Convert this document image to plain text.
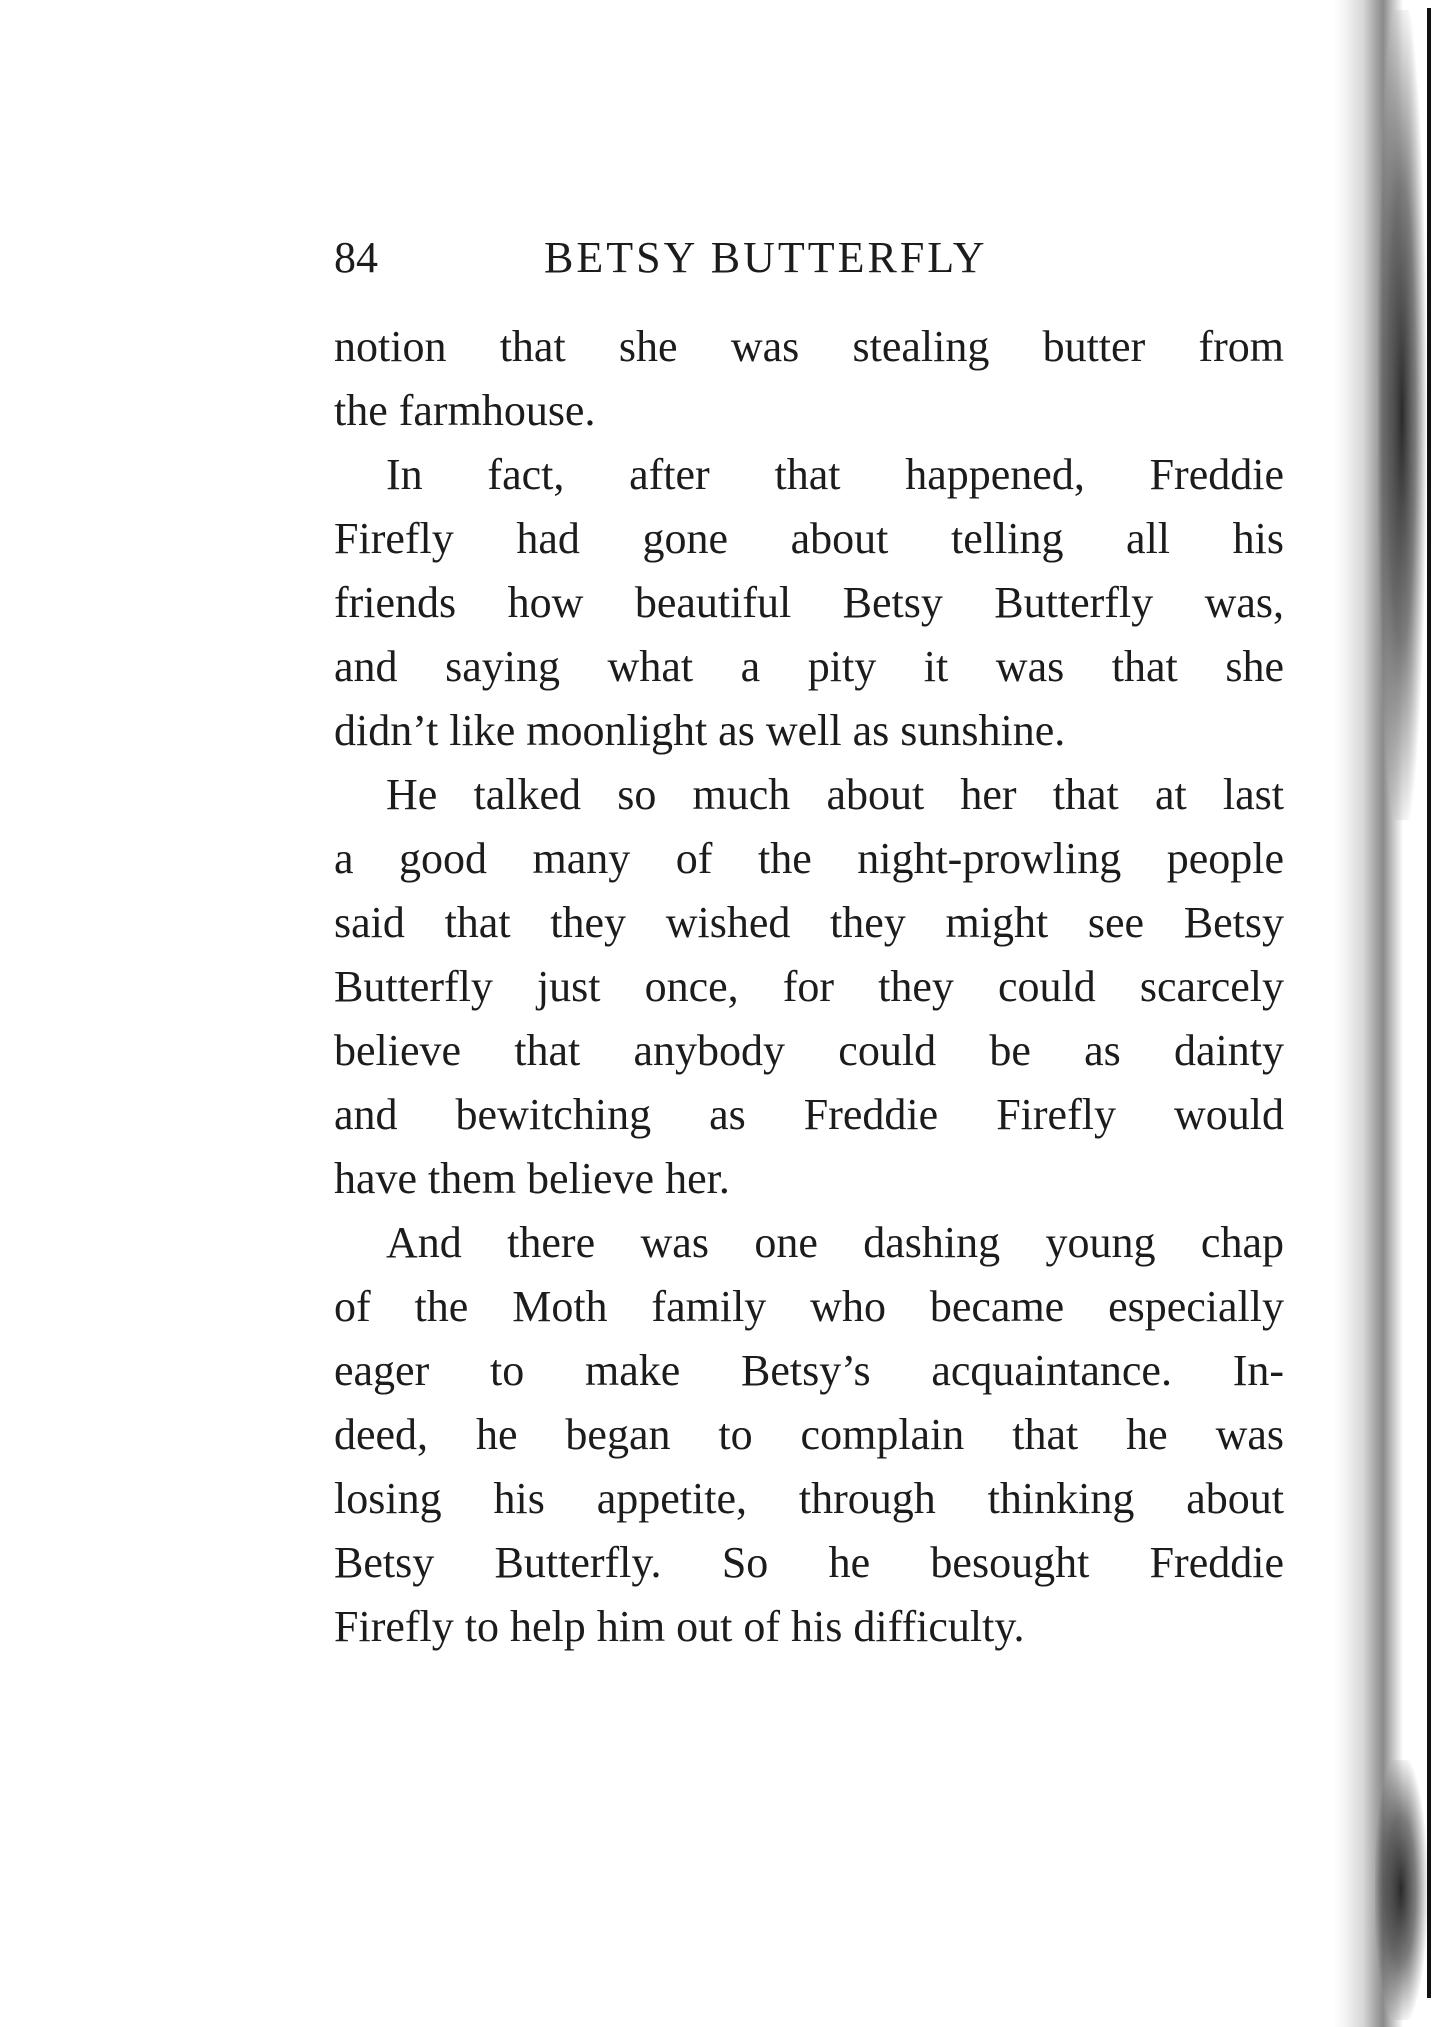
84	BETSY BUTTERFLY

notion that she was stealing butter from
the farmhouse.

In fact, after that happened, Freddie
Firefly had gone about telling all his
friends how beautiful Betsy Butterfly was,
and saying what a pity it was that she
didn’t like moonlight as well as sunshine.

He talked so much about her that at last
a good many of the night-prowling people
said that they wished they might see Betsy
Butterfly just once, for they could scarcely
believe that anybody could be as dainty
and bewitching as Freddie Firefly would
have them believe her.

And there was one dashing young chap
of the Moth family who became especially
eager to make Betsy’s acquaintance. In-
deed, he began to complain that he was
losing his appetite, through thinking about
Betsy Butterfly. So he besought Freddie
Firefly to help him out of his difficulty.
